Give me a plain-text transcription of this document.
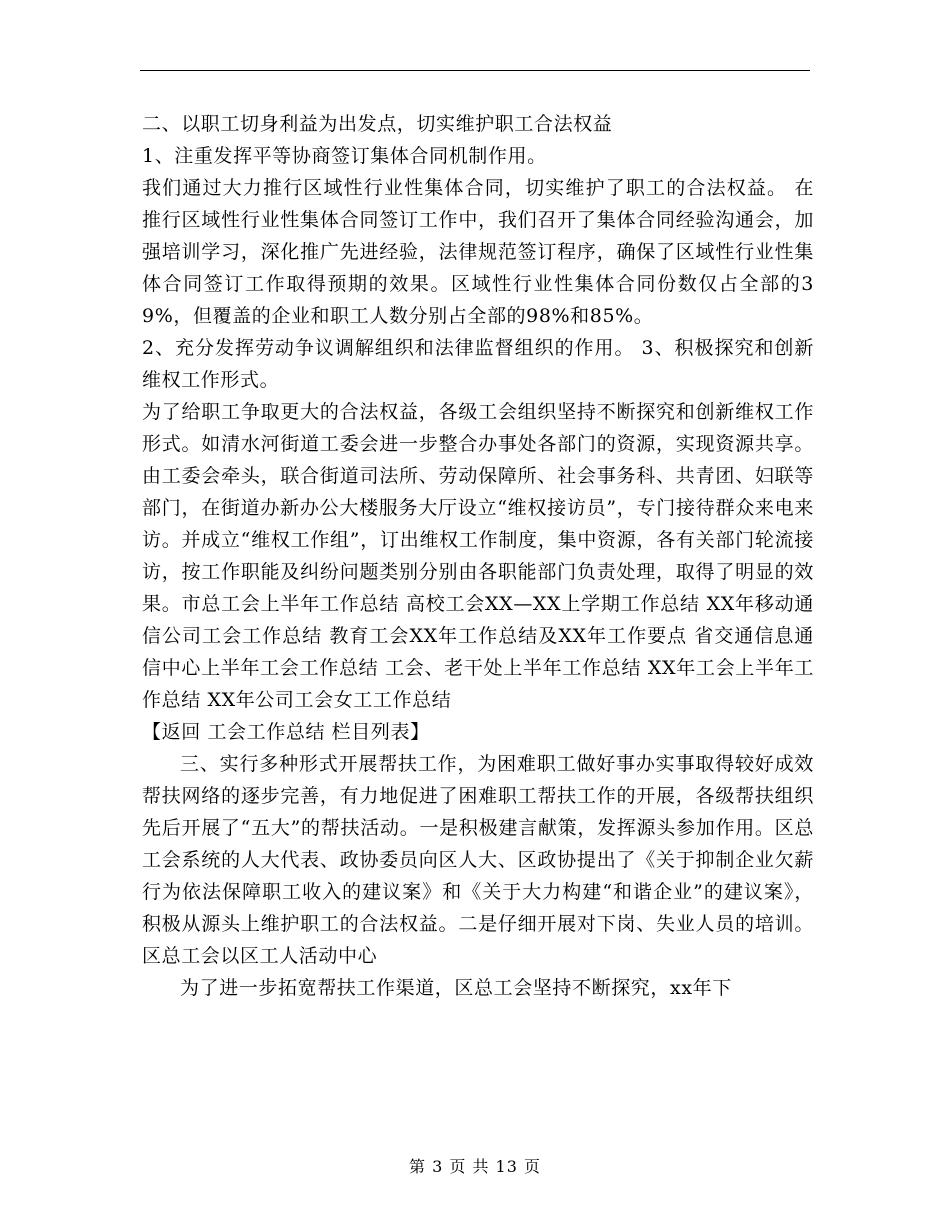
二、以职工切身利益为出发点，切实维护职工合法权益

1、注重发挥平等协商签订集体合同机制作用。

我们通过大力推行区域性行业性集体合同，切实维护了职工的合法权益。 在推行区域性行业性集体合同签订工作中，我们召开了集体合同经验沟通会，加强培训学习，深化推广先进经验，法律规范签订程序，确保了区域性行业性集体合同签订工作取得预期的效果。区域性行业性集体合同份数仅占全部的39%，但覆盖的企业和职工人数分别占全部的98%和85%。

2、充分发挥劳动争议调解组织和法律监督组织的作用。 3、积极探究和创新维权工作形式。

为了给职工争取更大的合法权益，各级工会组织坚持不断探究和创新维权工作形式。如清水河街道工委会进一步整合办事处各部门的资源，实现资源共享。由工委会牵头，联合街道司法所、劳动保障所、社会事务科、共青团、妇联等部门，在街道办新办公大楼服务大厅设立“维权接访员”，专门接待群众来电来访。并成立“维权工作组”，订出维权工作制度，集中资源，各有关部门轮流接访，按工作职能及纠纷问题类别分别由各职能部门负责处理，取得了明显的效果。市总工会上半年工作总结 高校工会XX—XX上学期工作总结 XX年移动通信公司工会工作总结 教育工会XX年工作总结及XX年工作要点 省交通信息通信中心上半年工会工作总结 工会、老干处上半年工作总结 XX年工会上半年工作总结 XX年公司工会女工工作总结

【返回 工会工作总结 栏目列表】

三、实行多种形式开展帮扶工作，为困难职工做好事办实事取得较好成效 帮扶网络的逐步完善，有力地促进了困难职工帮扶工作的开展，各级帮扶组织先后开展了“五大”的帮扶活动。一是积极建言献策，发挥源头参加作用。区总工会系统的人大代表、政协委员向区人大、区政协提出了《关于抑制企业欠薪行为依法保障职工收入的建议案》和《关于大力构建“和谐企业”的建议案》，积极从源头上维护职工的合法权益。二是仔细开展对下岗、失业人员的培训。区总工会以区工人活动中心

为了进一步拓宽帮扶工作渠道，区总工会坚持不断探究，xx年下

第 3 页 共 13 页
